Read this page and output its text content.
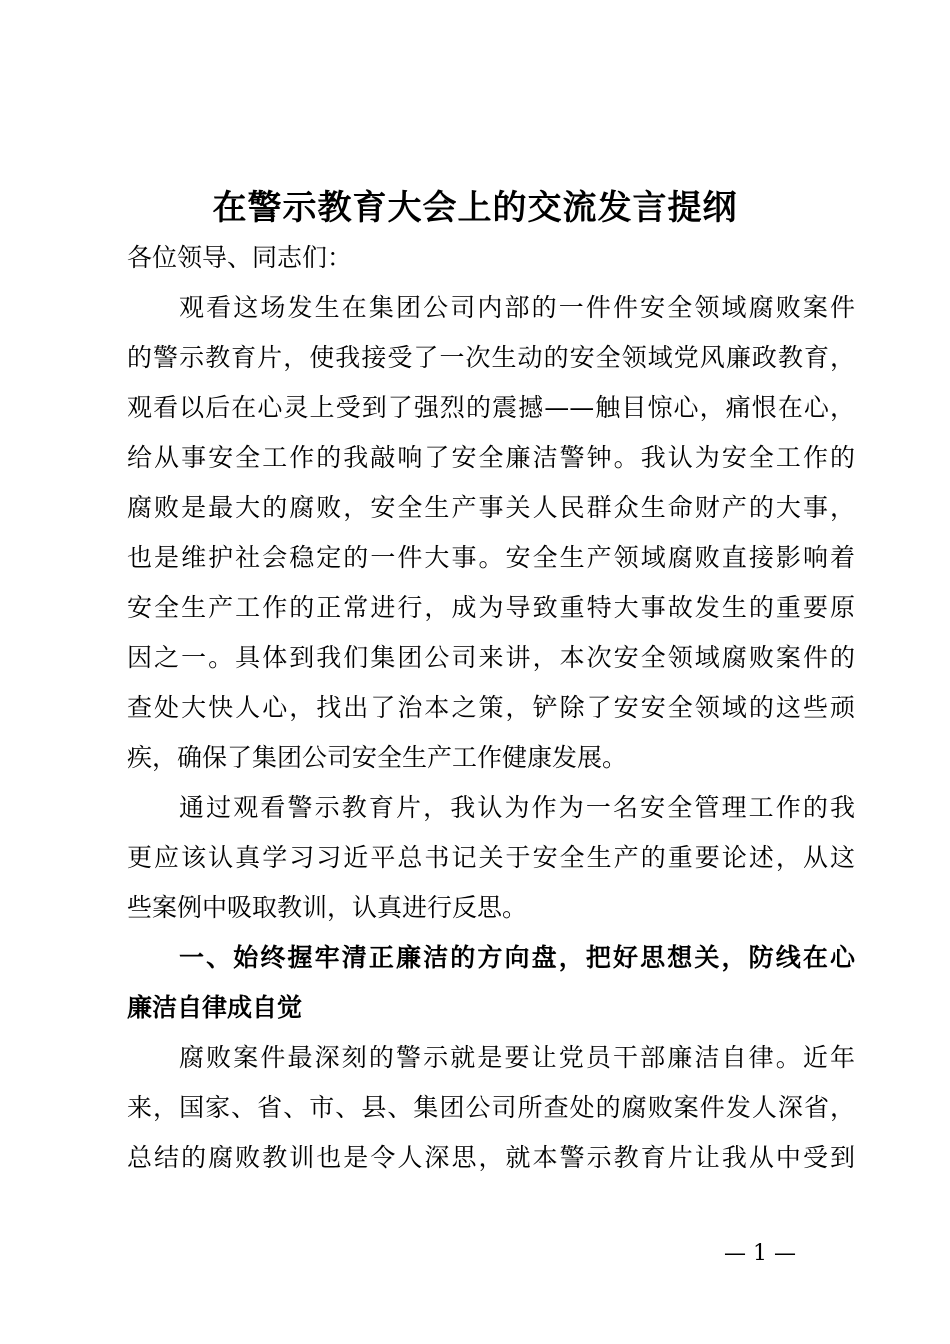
在警示教育大会上的交流发言提纲
各位领导、同志们：
观看这场发生在集团公司内部的一件件安全领域腐败案件
的警示教育片，使我接受了一次生动的安全领域党风廉政教育，
观看以后在心灵上受到了强烈的震撼——触目惊心，痛恨在心，
给从事安全工作的我敲响了安全廉洁警钟。我认为安全工作的
腐败是最大的腐败，安全生产事关人民群众生命财产的大事，
也是维护社会稳定的一件大事。安全生产领域腐败直接影响着
安全生产工作的正常进行，成为导致重特大事故发生的重要原
因之一。具体到我们集团公司来讲，本次安全领域腐败案件的
查处大快人心，找出了治本之策，铲除了安安全领域的这些顽
疾，确保了集团公司安全生产工作健康发展。
通过观看警示教育片，我认为作为一名安全管理工作的我
更应该认真学习习近平总书记关于安全生产的重要论述，从这
些案例中吸取教训，认真进行反思。
一、始终握牢清正廉洁的方向盘，把好思想关，防线在心
廉洁自律成自觉
腐败案件最深刻的警示就是要让党员干部廉洁自律。近年
来，国家、省、市、县、集团公司所查处的腐败案件发人深省，
总结的腐败教训也是令人深思，就本警示教育片让我从中受到
— 1 —
